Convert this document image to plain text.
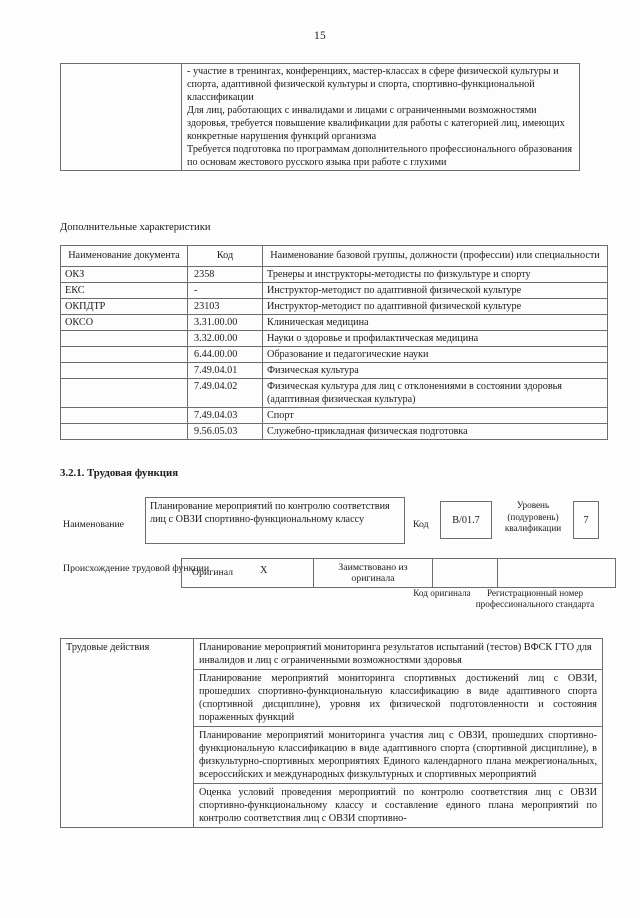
15

- участие в тренингах, конференциях, мастер-классах в сфере физической культуры и спорта, адаптивной физической культуры и спорта, спортивно-функциональной классификации

Для лиц, работающих с инвалидами и лицами с ограниченными возможностями здоровья, требуется повышение квалификации для работы с категорией лиц, имеющих конкретные нарушения функций организма

Требуется подготовка по программам дополнительного профессионального образования по основам жестового русского языка при работе с глухими

Дополнительные характеристики
Наименование документа	Код	Наименование базовой группы, должности (профессии) или специальности
ОКЗ	2358	Тренеры и инструкторы-методисты по физкультуре и спорту
ЕКС	-	Инструктор-методист по адаптивной физической культуре
ОКПДТР	23103	Инструктор-методист по адаптивной физической культуре
ОКСО	3.31.00.00	Клиническая медицина
	3.32.00.00	Науки о здоровье и профилактическая медицина
	6.44.00.00	Образование и педагогические науки
	7.49.04.01	Физическая культура
	7.49.04.02	Физическая культура для лиц с отклонениями в состоянии здоровья (адаптивная физическая культура)
	7.49.04.03	Спорт
	9.56.05.03	Служебно-прикладная физическая подготовка
3.2.1. Трудовая функция
Наименование
Планирование мероприятий по контролю соответствия лиц с ОВЗИ спортивно-функциональному классу	Код	B/01.7
Уровень (подуровень) квалификации
7
Происхождение трудовой функции
Оригинал	X	Заимствовано из оригинала		
Код оригинала	Регистрационный номер профессионального стандарта
Трудовые действия	Планирование мероприятий мониторинга результатов испытаний (тестов) ВФСК ГТО для инвалидов и лиц с ограниченными возможностями здоровья
Планирование мероприятий мониторинга спортивных достижений лиц с ОВЗИ, прошедших спортивно-функциональную классификацию в виде адаптивного спорта (спортивной дисциплине), уровня их физической подготовленности и состояния пораженных функций
Планирование мероприятий мониторинга участия лиц с ОВЗИ, прошедших спортивно-функциональную классификацию в виде адаптивного спорта (спортивной дисциплине), в физкультурно-спортивных мероприятиях Единого календарного плана межрегиональных, всероссийских и международных физкультурных и спортивных мероприятий
Оценка условий проведения мероприятий по контролю соответствия лиц с ОВЗИ спортивно-функциональному классу и составление единого плана мероприятий по контролю соответствия лиц с ОВЗИ спортивно-
